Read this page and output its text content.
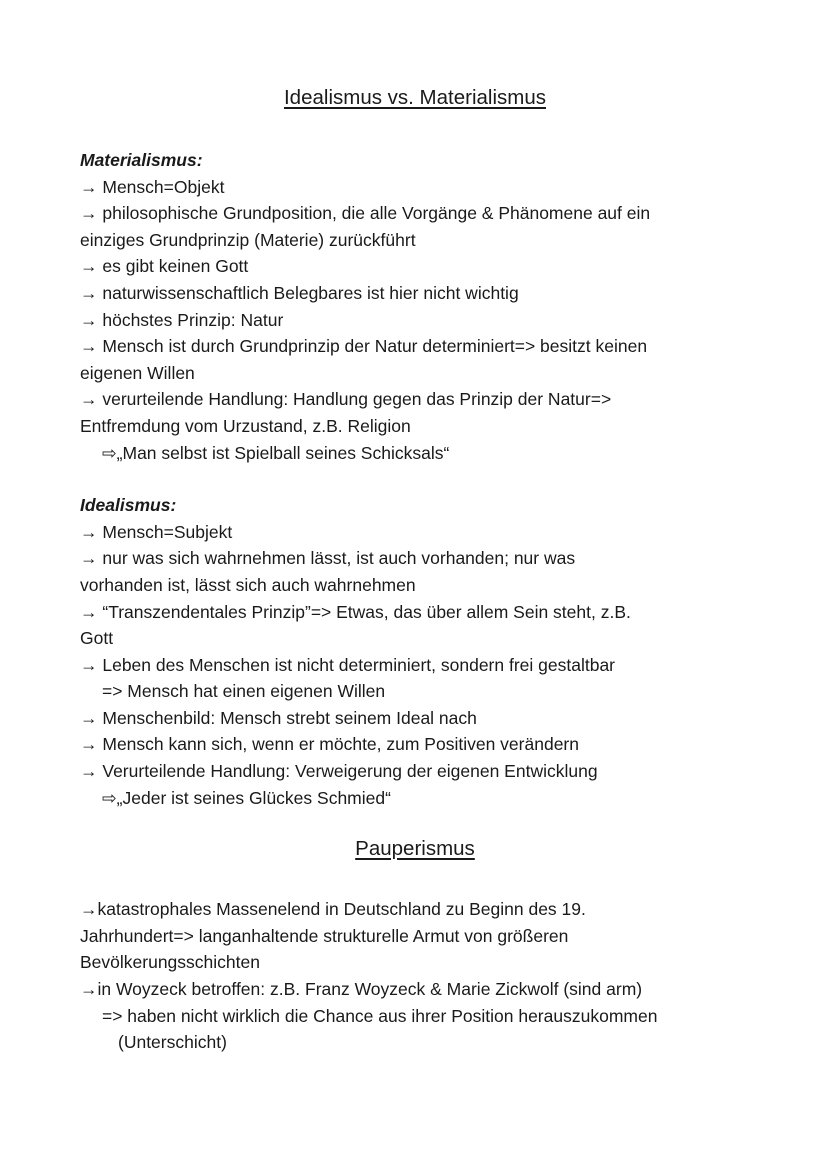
Idealismus vs. Materialismus
Materialismus:
→ Mensch=Objekt
→ philosophische Grundposition, die alle Vorgänge & Phänomene auf ein
einziges Grundprinzip (Materie) zurückführt
→ es gibt keinen Gott
→ naturwissenschaftlich Belegbares ist hier nicht wichtig
→ höchstes Prinzip: Natur
→ Mensch ist durch Grundprinzip der Natur determiniert=> besitzt keinen
eigenen Willen
→ verurteilende Handlung: Handlung gegen das Prinzip der Natur=>
Entfremdung vom Urzustand, z.B. Religion
⇨„Man selbst ist Spielball seines Schicksals“
Idealismus:
→ Mensch=Subjekt
→ nur was sich wahrnehmen lässt, ist auch vorhanden; nur was
vorhanden ist, lässt sich auch wahrnehmen
→ “Transzendentales Prinzip”=> Etwas, das über allem Sein steht, z.B.
Gott
→ Leben des Menschen ist nicht determiniert, sondern frei gestaltbar
=> Mensch hat einen eigenen Willen
→ Menschenbild: Mensch strebt seinem Ideal nach
→ Mensch kann sich, wenn er möchte, zum Positiven verändern
→ Verurteilende Handlung: Verweigerung der eigenen Entwicklung
⇨„Jeder ist seines Glückes Schmied“
Pauperismus
→katastrophales Massenelend in Deutschland zu Beginn des 19.
Jahrhundert=> langanhaltende strukturelle Armut von größeren
Bevölkerungsschichten
→in Woyzeck betroffen: z.B. Franz Woyzeck & Marie Zickwolf (sind arm)
=> haben nicht wirklich die Chance aus ihrer Position herauszukommen
(Unterschicht)
